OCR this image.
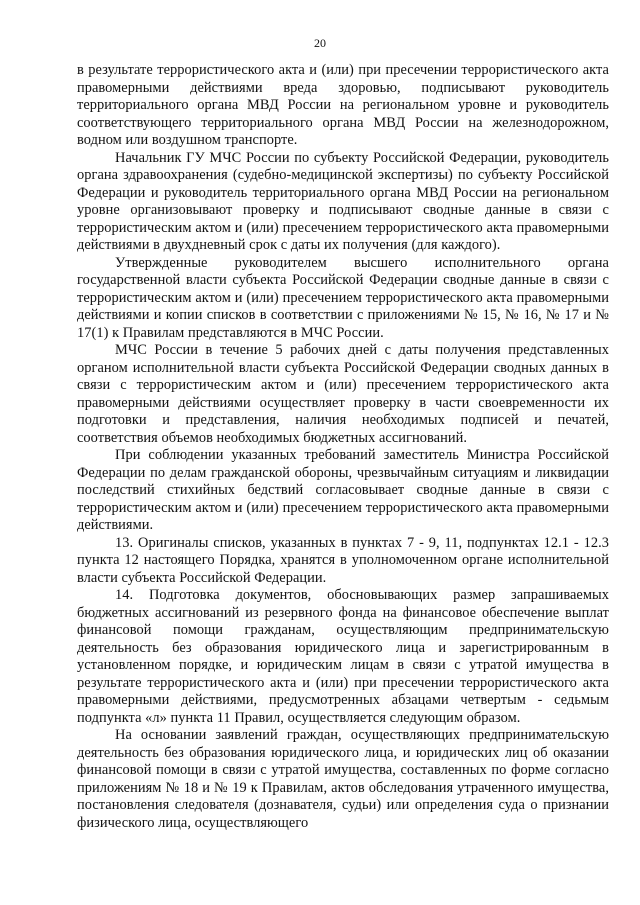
20

в результате террористического акта и (или) при пресечении террористического акта правомерными действиями вреда здоровью, подписывают руководитель территориального органа МВД России на региональном уровне и руководитель соответствующего территориального органа МВД России на железнодорожном, водном или воздушном транспорте.

Начальник ГУ МЧС России по субъекту Российской Федерации, руководитель органа здравоохранения (судебно-медицинской экспертизы) по субъекту Российской Федерации и руководитель территориального органа МВД России на региональном уровне организовывают проверку и подписывают сводные данные в связи с террористическим актом и (или) пресечением террористического акта правомерными действиями в двухдневный срок с даты их получения (для каждого).

Утвержденные руководителем высшего исполнительного органа государственной власти субъекта Российской Федерации сводные данные в связи с террористическим актом и (или) пресечением террористического акта правомерными действиями и копии списков в соответствии с приложениями № 15, № 16, № 17 и № 17(1) к Правилам представляются в МЧС России.

МЧС России в течение 5 рабочих дней с даты получения представленных органом исполнительной власти субъекта Российской Федерации сводных данных в связи с террористическим актом и (или) пресечением террористического акта правомерными действиями осуществляет проверку в части своевременности их подготовки и представления, наличия необходимых подписей и печатей, соответствия объемов необходимых бюджетных ассигнований.

При соблюдении указанных требований заместитель Министра Российской Федерации по делам гражданской обороны, чрезвычайным ситуациям и ликвидации последствий стихийных бедствий согласовывает сводные данные в связи с террористическим актом и (или) пресечением террористического акта правомерными действиями.

13. Оригиналы списков, указанных в пунктах 7 - 9, 11, подпунктах 12.1 - 12.3 пункта 12 настоящего Порядка, хранятся в уполномоченном органе исполнительной власти субъекта Российской Федерации.

14. Подготовка документов, обосновывающих размер запрашиваемых бюджетных ассигнований из резервного фонда на финансовое обеспечение выплат финансовой помощи гражданам, осуществляющим предпринимательскую деятельность без образования юридического лица и зарегистрированным в установленном порядке, и юридическим лицам в связи с утратой имущества в результате террористического акта и (или) при пресечении террористического акта правомерными действиями, предусмотренных абзацами четвертым - седьмым подпункта «л» пункта 11 Правил, осуществляется следующим образом.

На основании заявлений граждан, осуществляющих предпринимательскую деятельность без образования юридического лица, и юридических лиц об оказании финансовой помощи в связи с утратой имущества, составленных по форме согласно приложениям № 18 и № 19 к Правилам, актов обследования утраченного имущества, постановления следователя (дознавателя, судьи) или определения суда о признании физического лица, осуществляющего
